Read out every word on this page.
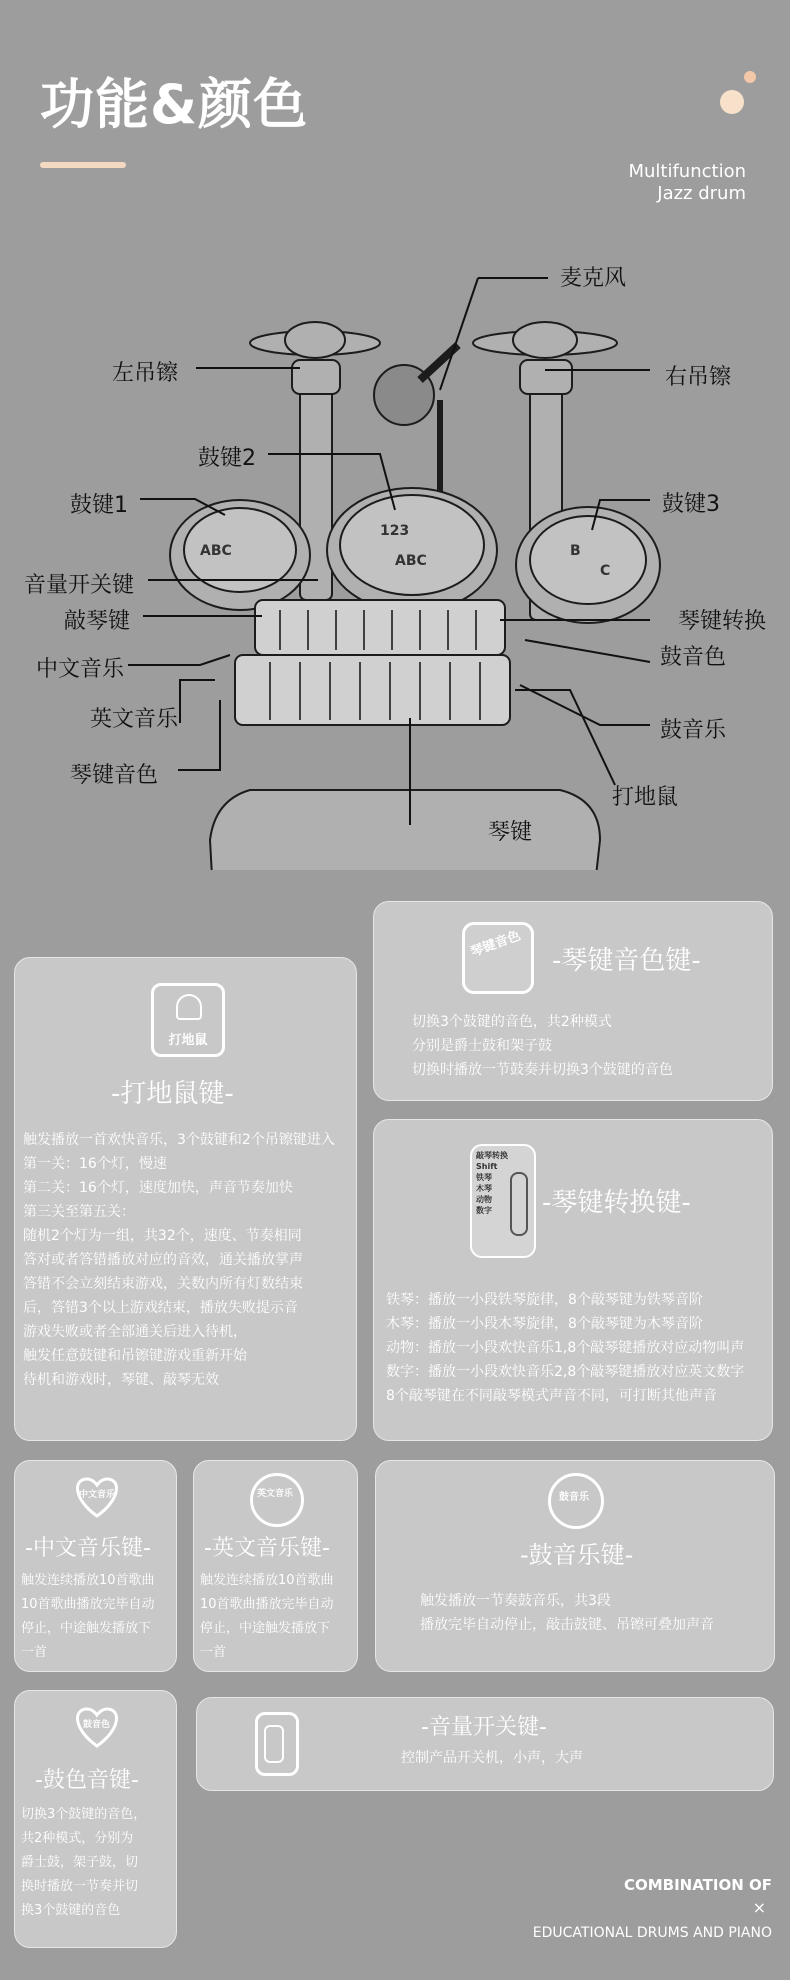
功能&颜色
Multifunction
Jazz drum
ABC
123
ABC
B
C
麦克风
左吊镲	右吊镲
鼓键2
鼓键1	鼓键3
音量开关键
敲琴键	琴键转换
中文音乐	鼓音色
英文音乐	鼓音乐
琴键音色
打地鼠
琴键
琴键音色
-琴键音色键-
切换3个鼓键的音色，共2种模式
分别是爵士鼓和架子鼓
切换时播放一节鼓奏并切换3个鼓键的音色
打地鼠
-打地鼠键-
触发播放一首欢快音乐，3个鼓键和2个吊镲键进入
第一关：16个灯，慢速
第二关：16个灯，速度加快，声音节奏加快
第三关至第五关：
随机2个灯为一组，共32个，速度、节奏相同
答对或者答错播放对应的音效，通关播放掌声
答错不会立刻结束游戏，关数内所有灯数结束
后，答错3个以上游戏结束，播放失败提示音
游戏失败或者全部通关后进入待机，
触发任意鼓键和吊镲键游戏重新开始
待机和游戏时，琴键、敲琴无效
敲琴转换
Shift
铁琴
木琴
动物
数字	-琴键转换键-
铁琴：播放一小段铁琴旋律，8个敲琴键为铁琴音阶
木琴：播放一小段木琴旋律，8个敲琴键为木琴音阶
动物：播放一小段欢快音乐1,8个敲琴键播放对应动物叫声
数字：播放一小段欢快音乐2,8个敲琴键播放对应英文数字
8个敲琴键在不同敲琴模式声音不同，可打断其他声音
中文音乐
-中文音乐键-
触发连续播放10首歌曲
10首歌曲播放完毕自动
停止，中途触发播放下
一首
英文音乐
-英文音乐键-
触发连续播放10首歌曲
10首歌曲播放完毕自动
停止，中途触发播放下
一首
鼓音乐
-鼓音乐键-
触发播放一节奏鼓音乐，共3段
播放完毕自动停止，敲击鼓键、吊镲可叠加声音
鼓音色
-鼓色音键-
切换3个鼓键的音色，
共2种模式，分别为
爵士鼓，架子鼓，切
换时播放一节奏并切
换3个鼓键的音色
-音量开关键-
控制产品开关机，小声，大声
COMBINATION OF
×
EDUCATIONAL DRUMS AND PIANO
